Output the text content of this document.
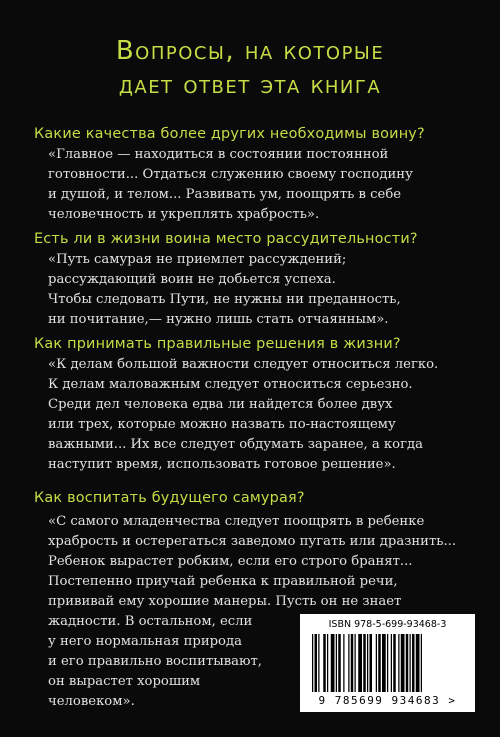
Вопросы, на которые
дает ответ эта книга
Какие качества более других необходимы воину?
«Главное — находиться в состоянии постоянной
готовности... Отдаться служению своему господину
и душой, и телом... Развивать ум, поощрять в себе
человечность и укреплять храбрость».
Есть ли в жизни воина место рассудительности?
«Путь самурая не приемлет рассуждений;
рассуждающий воин не добьется успеха.
Чтобы следовать Пути, не нужны ни преданность,
ни почитание,— нужно лишь стать отчаянным».
Как принимать правильные решения в жизни?
«К делам большой важности следует относиться легко.
К делам маловажным следует относиться серьезно.
Среди дел человека едва ли найдется более двух
или трех, которые можно назвать по-настоящему
важными... Их все следует обдумать заранее, а когда
наступит время, использовать готовое решение».
Как воспитать будущего самурая?
«С самого младенчества следует поощрять в ребенке
храбрость и остерегаться заведомо пугать или дразнить...
Ребенок вырастет робким, если его строго бранят...
Постепенно приучай ребенка к правильной речи,
прививай ему хорошие манеры. Пусть он не знает
жадности. В остальном, если
у него нормальная природа
и его правильно воспитывают,
он вырастет хорошим
человеком».
ISBN 978-5-699-93468-3
9 785699 934683 >
